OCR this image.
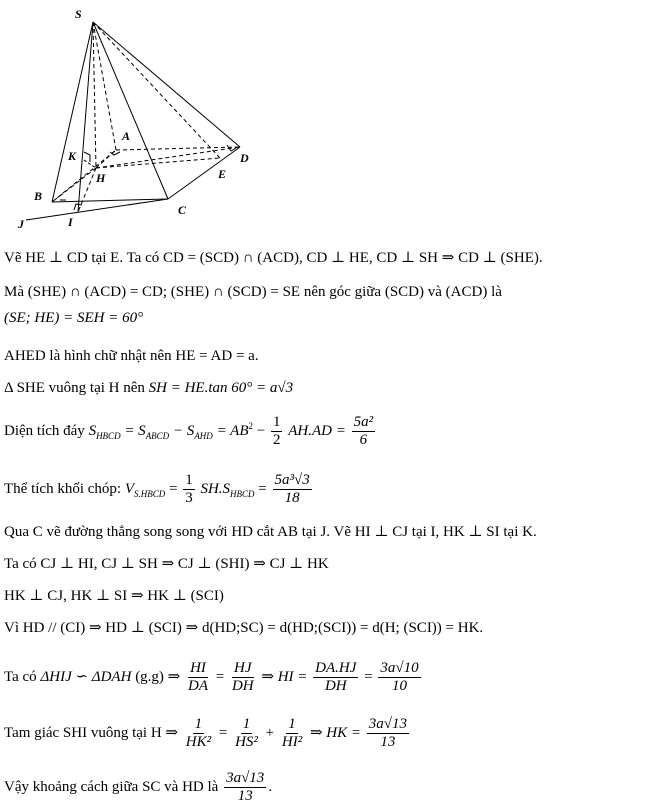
S
A
K	D
H	E
B
C
J	I
Vẽ HE ⊥ CD tại E. Ta có CD = (SCD) ∩ (ACD), CD ⊥ HE, CD ⊥ SH ⇒ CD ⊥ (SHE).
Mà (SHE) ∩ (ACD) = CD; (SHE) ∩ (SCD) = SE nên góc giữa (SCD) và (ACD) là
(SE; HE) = SEH = 60°
AHED là hình chữ nhật nên HE = AD = a.
Δ SHE vuông tại H nên SH = HE.tan 60° = a√3
Diện tích đáy $S_{HBCD} = S_{ABCD} - S_{AHD} = AB^2 - \frac{1}{2} AH.AD = \frac{\text{5a²}}{6}$
Thể tích khối chóp: $V_{S.HBCD} = \frac{1}{3} SH.S_{HBCD} = \frac{\text{5a³√3}}{18}$
Qua C vẽ đường thẳng song song với HD cắt AB tại J. Vẽ HI ⊥ CJ tại I, HK ⊥ SI tại K.
Ta có CJ ⊥ HI, CJ ⊥ SH ⇒ CJ ⊥ (SHI) ⇒ CJ ⊥ HK
HK ⊥ CJ, HK ⊥ SI ⇒ HK ⊥ (SCI)
Vì HD // (CI) ⇒ HD ⊥ (SCI) ⇒ d(HD;SC) = d(HD;(SCI)) = d(H; (SCI)) = HK.
Ta có ΔHIJ ∽ ΔDAH (g.g) ⇒ $\frac{HI}{DA} = \frac{HJ}{DH}$ ⇒ HI = $\frac{DA.HJ}{DH} = \frac{3a√10}{10}$
Tam giác SHI vuông tại H ⇒ $\frac{1}{\text{HK²}} = \frac{1}{\text{HS²}} + \frac{1}{\text{HI²}}$ ⇒ HK = $\frac{3a√13}{13}$
Vậy khoảng cách giữa SC và HD là $\frac{3a√13}{13}$ .
